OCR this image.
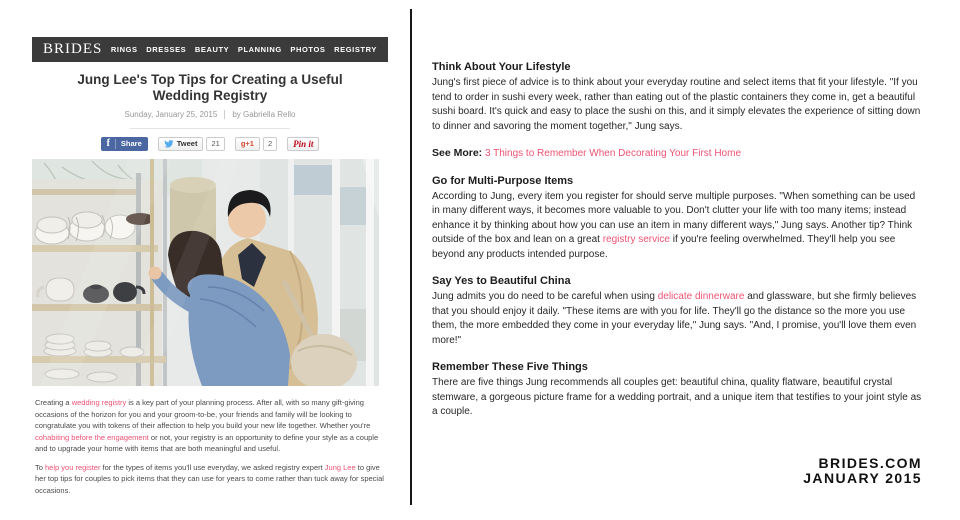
BRIDES RINGS DRESSES BEAUTY PLANNING PHOTOS REGISTRY
Jung Lee's Top Tips for Creating a Useful Wedding Registry
Sunday, January 25, 2015 by Gabriella Rello
f	Share	Tweet	21	g+1	2	Pin it

Creating a wedding registry is a key part of your planning process. After all, with so many gift-giving occasions of the horizon for you and your groom-to-be, your friends and family will be looking to congratulate you with tokens of their affection to help you build your new life together. Whether you're cohabiting before the engagement or not, your registry is an opportunity to define your style as a couple and to upgrade your home with items that are both meaningful and useful.

To help you register for the types of items you'll use everyday, we asked registry expert Jung Lee to give her top tips for couples to pick items that they can use for years to come rather than tuck away for special occasions.

Think About Your Lifestyle

Jung's first piece of advice is to think about your everyday routine and select items that fit your lifestyle. "If you tend to order in sushi every week, rather than eating out of the plastic containers they come in, get a beautiful sushi board. It's quick and easy to place the sushi on this, and it simply elevates the experience of sitting down to dinner and savoring the moment together," Jung says.

See More: 3 Things to Remember When Decorating Your First Home

Go for Multi-Purpose Items

According to Jung, every item you register for should serve multiple purposes. "When something can be used in many different ways, it becomes more valuable to you. Don't clutter your life with too many items; instead enhance it by thinking about how you can use an item in many different ways," Jung says. Another tip? Think outside of the box and lean on a great registry service if you're feeling overwhelmed. They'll help you see beyond any products intended purpose.

Say Yes to Beautiful China

Jung admits you do need to be careful when using delicate dinnerware and glassware, but she firmly believes that you should enjoy it daily. "These items are with you for life. They'll go the distance so the more you use them, the more embedded they come in your everyday life," Jung says. "And, I promise, you'll love them even more!"

Remember These Five Things

There are five things Jung recommends all couples get: beautiful china, quality flatware, beautiful crystal stemware, a gorgeous picture frame for a wedding portrait, and a unique item that testifies to your joint style as a couple.

BRIDES.COM
JANUARY 2015
